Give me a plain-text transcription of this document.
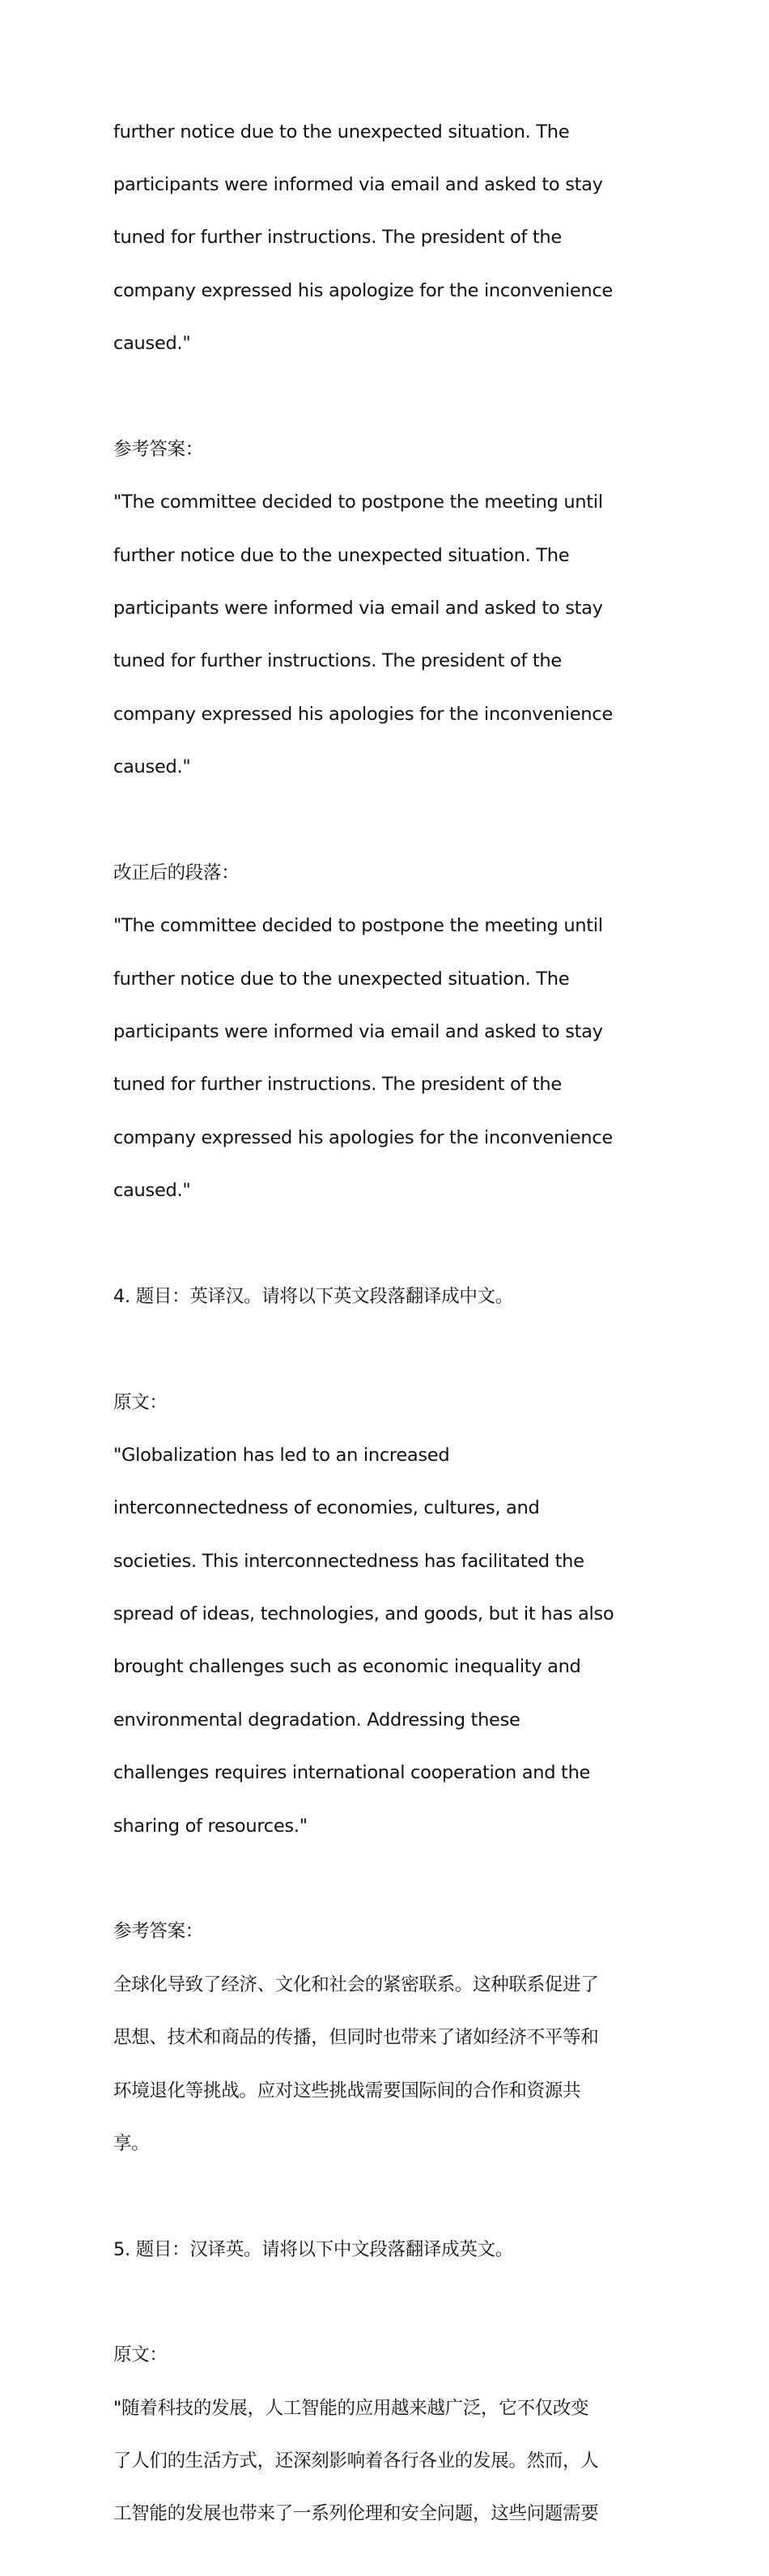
further notice due to the unexpected situation. The

participants were informed via email and asked to stay

tuned for further instructions. The president of the

company expressed his apologize for the inconvenience

caused."

参考答案：

"The committee decided to postpone the meeting until

further notice due to the unexpected situation. The

participants were informed via email and asked to stay

tuned for further instructions. The president of the

company expressed his apologies for the inconvenience

caused."

改正后的段落：

"The committee decided to postpone the meeting until

further notice due to the unexpected situation. The

participants were informed via email and asked to stay

tuned for further instructions. The president of the

company expressed his apologies for the inconvenience

caused."

4. 题目：英译汉。请将以下英文段落翻译成中文。

原文：

"Globalization has led to an increased

interconnectedness of economies, cultures, and

societies. This interconnectedness has facilitated the

spread of ideas, technologies, and goods, but it has also

brought challenges such as economic inequality and

environmental degradation. Addressing these

challenges requires international cooperation and the

sharing of resources."

参考答案：

全球化导致了经济、文化和社会的紧密联系。这种联系促进了

思想、技术和商品的传播，但同时也带来了诸如经济不平等和

环境退化等挑战。应对这些挑战需要国际间的合作和资源共

享。

5. 题目：汉译英。请将以下中文段落翻译成英文。

原文：

"随着科技的发展，人工智能的应用越来越广泛，它不仅改变

了人们的生活方式，还深刻影响着各行各业的发展。然而，人

工智能的发展也带来了一系列伦理和安全问题，这些问题需要
